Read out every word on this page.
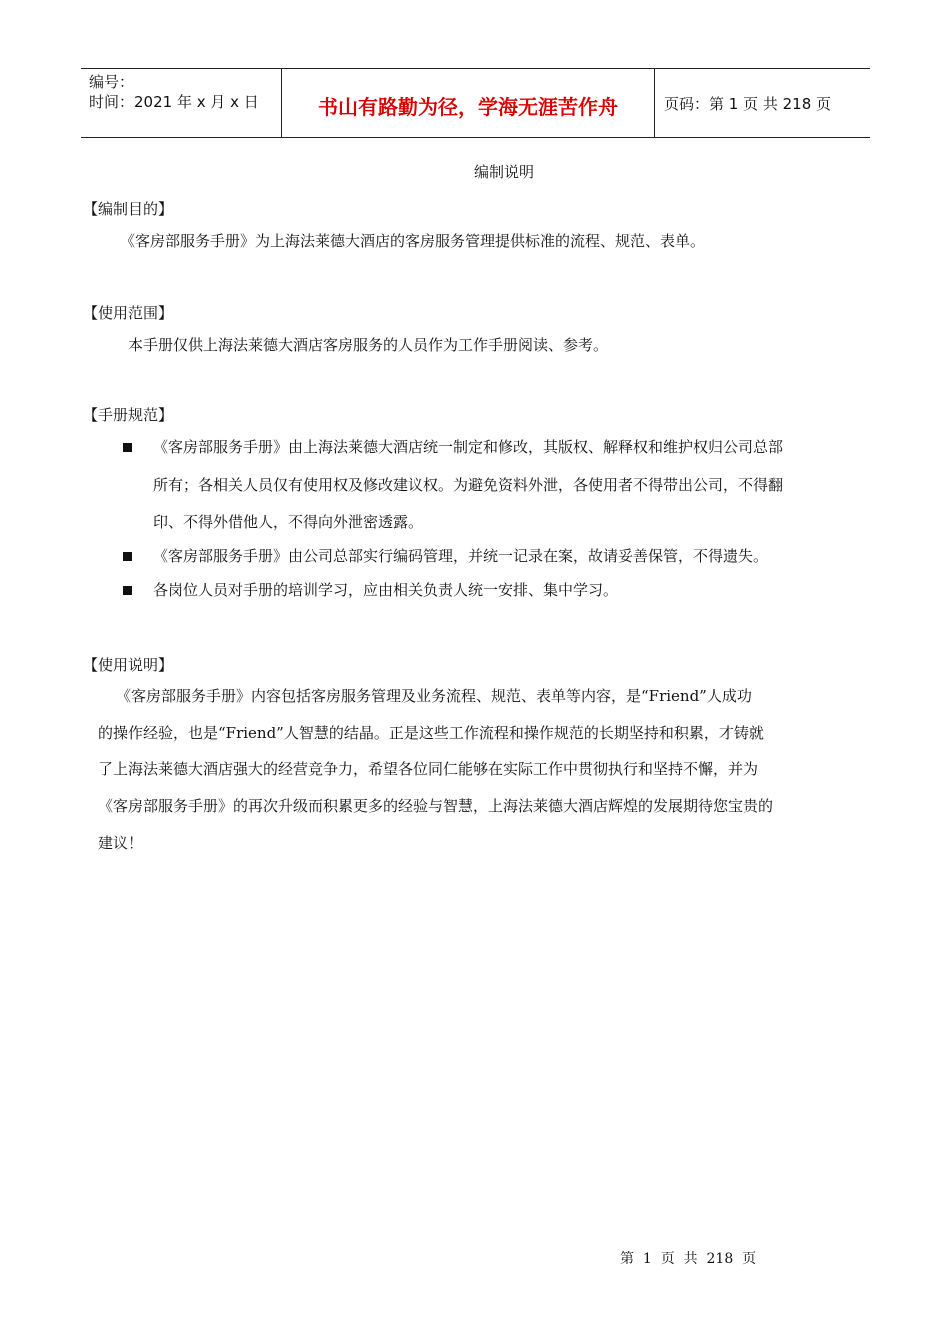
编号：
时间：2021 年 x 月 x 日	书山有路勤为径，学海无涯苦作舟	页码：第 1 页 共 218 页
编制说明
【编制目的】
《客房部服务手册》为上海法莱德大酒店的客房服务管理提供标准的流程、规范、表单。
【使用范围】
本手册仅供上海法莱德大酒店客房服务的人员作为工作手册阅读、参考。
【手册规范】
《客房部服务手册》由上海法莱德大酒店统一制定和修改，其版权、解释权和维护权归公司总部
所有；各相关人员仅有使用权及修改建议权。为避免资料外泄，各使用者不得带出公司，不得翻
印、不得外借他人，不得向外泄密透露。
《客房部服务手册》由公司总部实行编码管理，并统一记录在案，故请妥善保管，不得遗失。
各岗位人员对手册的培训学习，应由相关负责人统一安排、集中学习。
【使用说明】
《客房部服务手册》内容包括客房服务管理及业务流程、规范、表单等内容，是“Friend”人成功
的操作经验，也是“Friend”人智慧的结晶。正是这些工作流程和操作规范的长期坚持和积累，才铸就
了上海法莱德大酒店强大的经营竞争力，希望各位同仁能够在实际工作中贯彻执行和坚持不懈，并为
《客房部服务手册》的再次升级而积累更多的经验与智慧，上海法莱德大酒店辉煌的发展期待您宝贵的
建议！
第  1  页  共  218  页
